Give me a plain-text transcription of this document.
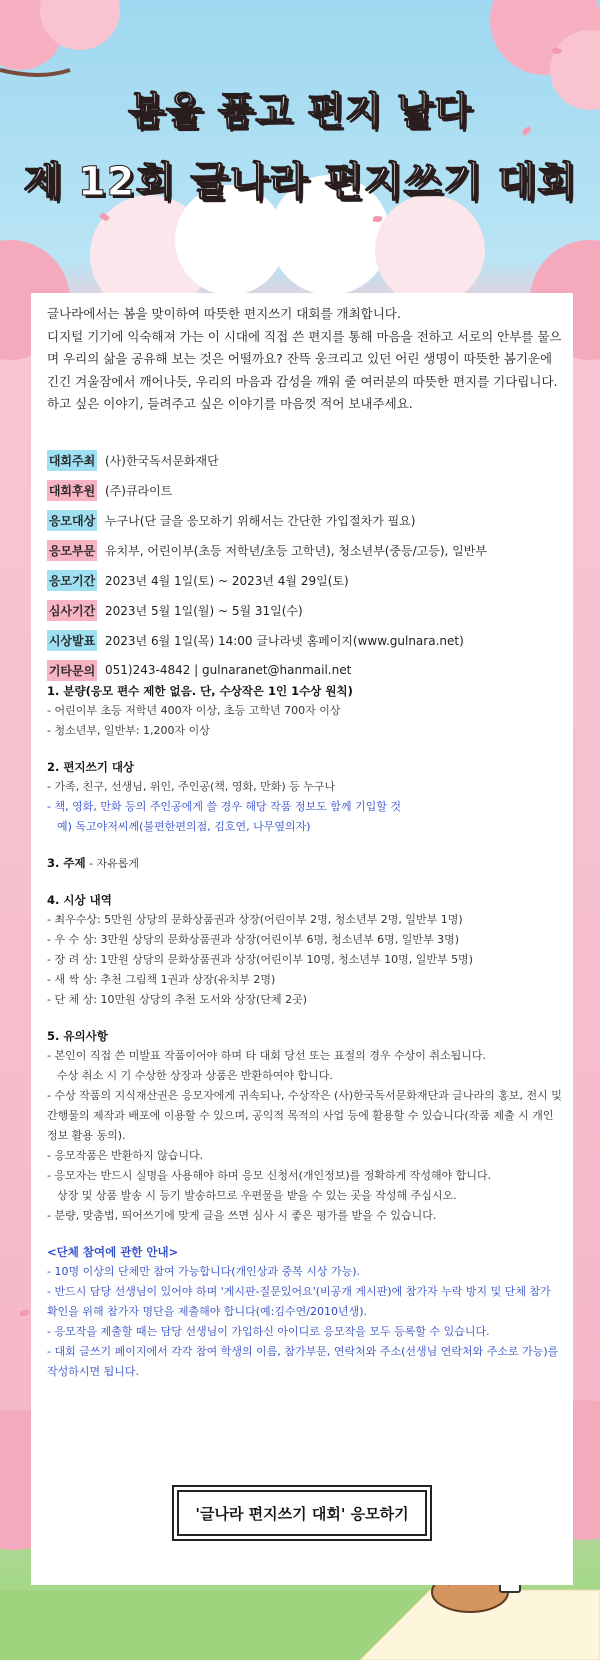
봄을 품고 편지 날다
제 12회 글나라 편지쓰기 대회
글나라에서는 봄을 맞이하여 따뜻한 편지쓰기 대회를 개최합니다.
디지털 기기에 익숙해져 가는 이 시대에 직접 쓴 편지를 통해 마음을 전하고 서로의 안부를 물으며 우리의 삶을 공유해 보는 것은 어떨까요? 잔뜩 웅크리고 있던 어린 생명이 따뜻한 봄기운에 긴긴 겨울잠에서 깨어나듯, 우리의 마음과 감성을 깨워 줄 여러분의 따뜻한 편지를 기다립니다.
하고 싶은 이야기, 들려주고 싶은 이야기를 마음껏 적어 보내주세요.
대회주최 (사)한국독서문화재단
대회후원 (주)큐라이트
응모대상 누구나(단 글을 응모하기 위해서는 간단한 가입절차가 필요)
응모부문 유치부, 어린이부(초등 저학년/초등 고학년), 청소년부(중등/고등), 일반부
응모기간 2023년 4월 1일(토) ~ 2023년 4월 29일(토)
심사기간 2023년 5월 1일(월) ~ 5월 31일(수)
시상발표 2023년 6월 1일(목) 14:00 글나라넷 홈페이지(www.gulnara.net)
기타문의 051)243-4842 | gulnaranet@hanmail.net
1. 분량(응모 편수 제한 없음. 단, 수상작은 1인 1수상 원칙)
- 어린이부 초등 저학년 400자 이상, 초등 고학년 700자 이상
- 청소년부, 일반부: 1,200자 이상
2. 편지쓰기 대상
- 가족, 친구, 선생님, 위인, 주인공(책, 영화, 만화) 등 누구나
- 책, 영화, 만화 등의 주인공에게 쓸 경우 해당 작품 정보도 함께 기입할 것
예) 독고야저씨께(불편한편의점, 김호연, 나무옆의자)
3. 주제 - 자유롭게
4. 시상 내역
- 최우수상: 5만원 상당의 문화상품권과 상장(어린이부 2명, 청소년부 2명, 일반부 1명)
- 우 수 상: 3만원 상당의 문화상품권과 상장(어린이부 6명, 청소년부 6명, 일반부 3명)
- 장 려 상: 1만원 상당의 문화상품권과 상장(어린이부 10명, 청소년부 10명, 일반부 5명)
- 새 싹 상: 추천 그림책 1권과 상장(유치부 2명)
- 단 체 상: 10만원 상당의 추천 도서와 상장(단체 2곳)
5. 유의사항
- 본인이 직접 쓴 미발표 작품이어야 하며 타 대회 당선 또는 표절의 경우 수상이 취소됩니다.
수상 취소 시 기 수상한 상장과 상품은 반환하여야 합니다.
- 수상 작품의 지식재산권은 응모자에게 귀속되나, 수상작은 (사)한국독서문화재단과 글나라의 홍보, 전시 및 간행물의 제작과 배포에 이용할 수 있으며, 공익적 목적의 사업 등에 활용할 수 있습니다(작품 제출 시 개인정보 활용 동의).
- 응모작품은 반환하지 않습니다.
- 응모자는 반드시 실명을 사용해야 하며 응모 신청서(개인정보)를 정확하게 작성해야 합니다.
상장 및 상품 발송 시 등기 발송하므로 우편물을 받을 수 있는 곳을 작성해 주십시오.
- 분량, 맞춤법, 띄어쓰기에 맞게 글을 쓰면 심사 시 좋은 평가를 받을 수 있습니다.
<단체 참여에 관한 안내>
- 10명 이상의 단체만 참여 가능합니다(개인상과 중복 시상 가능).
- 반드시 담당 선생님이 있어야 하며 '게시판-질문있어요'(비공개 게시판)에 참가자 누락 방지 및 단체 참가 확인을 위해 참가자 명단을 제출해야 합니다(예:김수연/2010년생).
- 응모작을 제출할 때는 담당 선생님이 가입하신 아이디로 응모작을 모두 등록할 수 있습니다.
- 대회 글쓰기 페이지에서 각각 참여 학생의 이름, 참가부문, 연락처와 주소(선생님 연락처와 주소로 가능)를 작성하시면 됩니다.
'글나라 편지쓰기 대회' 응모하기
